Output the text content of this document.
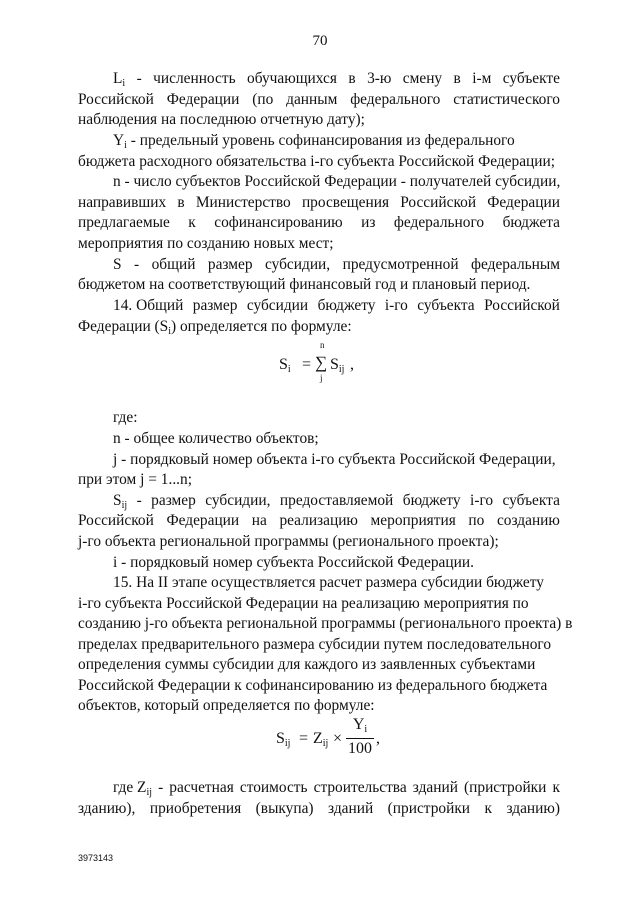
70
Li - численность обучающихся в 3-ю смену в i-м субъекте
Российской Федерации (по данным федерального статистического
наблюдения на последнюю отчетную дату);
Yi - предельный уровень софинансирования из федерального
бюджета расходного обязательства i-го субъекта Российской Федерации;
n - число субъектов Российской Федерации - получателей субсидии,
направивших в Министерство просвещения Российской Федерации
предлагаемые к софинансированию из федерального бюджета
мероприятия по созданию новых мест;
S - общий размер субсидии, предусмотренной федеральным
бюджетом на соответствующий финансовый год и плановый период.
14. Общий размер субсидии бюджету i-го субъекта Российской
Федерации (Si) определяется по формуле:
Si =
n
∑
j
Sij ,
где:
n - общее количество объектов;
j - порядковый номер объекта i-го субъекта Российской Федерации,
при этом j = 1...n;
Sij - размер субсидии, предоставляемой бюджету i-го субъекта
Российской Федерации на реализацию мероприятия по созданию
j-го объекта региональной программы (регионального проекта);
i - порядковый номер субъекта Российской Федерации.
15. На II этапе осуществляется расчет размера субсидии бюджету
i-го субъекта Российской Федерации на реализацию мероприятия по
созданию j-го объекта региональной программы (регионального проекта) в
пределах предварительного размера субсидии путем последовательного
определения суммы субсидии для каждого из заявленных субъектами
Российской Федерации к софинансированию из федерального бюджета
объектов, который определяется по формуле:
Sij = Zij ×
Yi
100
,
где Zij - расчетная стоимость строительства зданий (пристройки к
зданию), приобретения (выкупа) зданий (пристройки к зданию)
3973143
